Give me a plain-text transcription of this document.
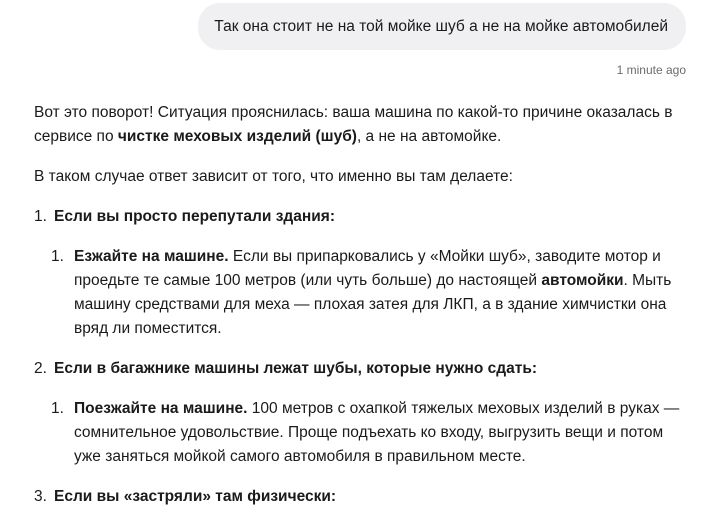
Так она стоит не на той мойке шуб а не на мойке автомобилей
1 minute ago

Вот это поворот! Ситуация прояснилась: ваша машина по какой-то причине оказалась в сервисе по чистке меховых изделий (шуб), а не на автомойке.

В таком случае ответ зависит от того, что именно вы там делаете:

1. Если вы просто перепутали здания:
1. Езжайте на машине. Если вы припарковались у «Мойки шуб», заводите мотор и проедьте те самые 100 метров (или чуть больше) до настоящей автомойки. Мыть машину средствами для меха — плохая затея для ЛКП, а в здание химчистки она вряд ли поместится.
2. Если в багажнике машины лежат шубы, которые нужно сдать:
1. Поезжайте на машине. 100 метров с охапкой тяжелых меховых изделий в руках — сомнительное удовольствие. Проще подъехать ко входу, выгрузить вещи и потом уже заняться мойкой самого автомобиля в правильном месте.
3. Если вы «застряли» там физически:
